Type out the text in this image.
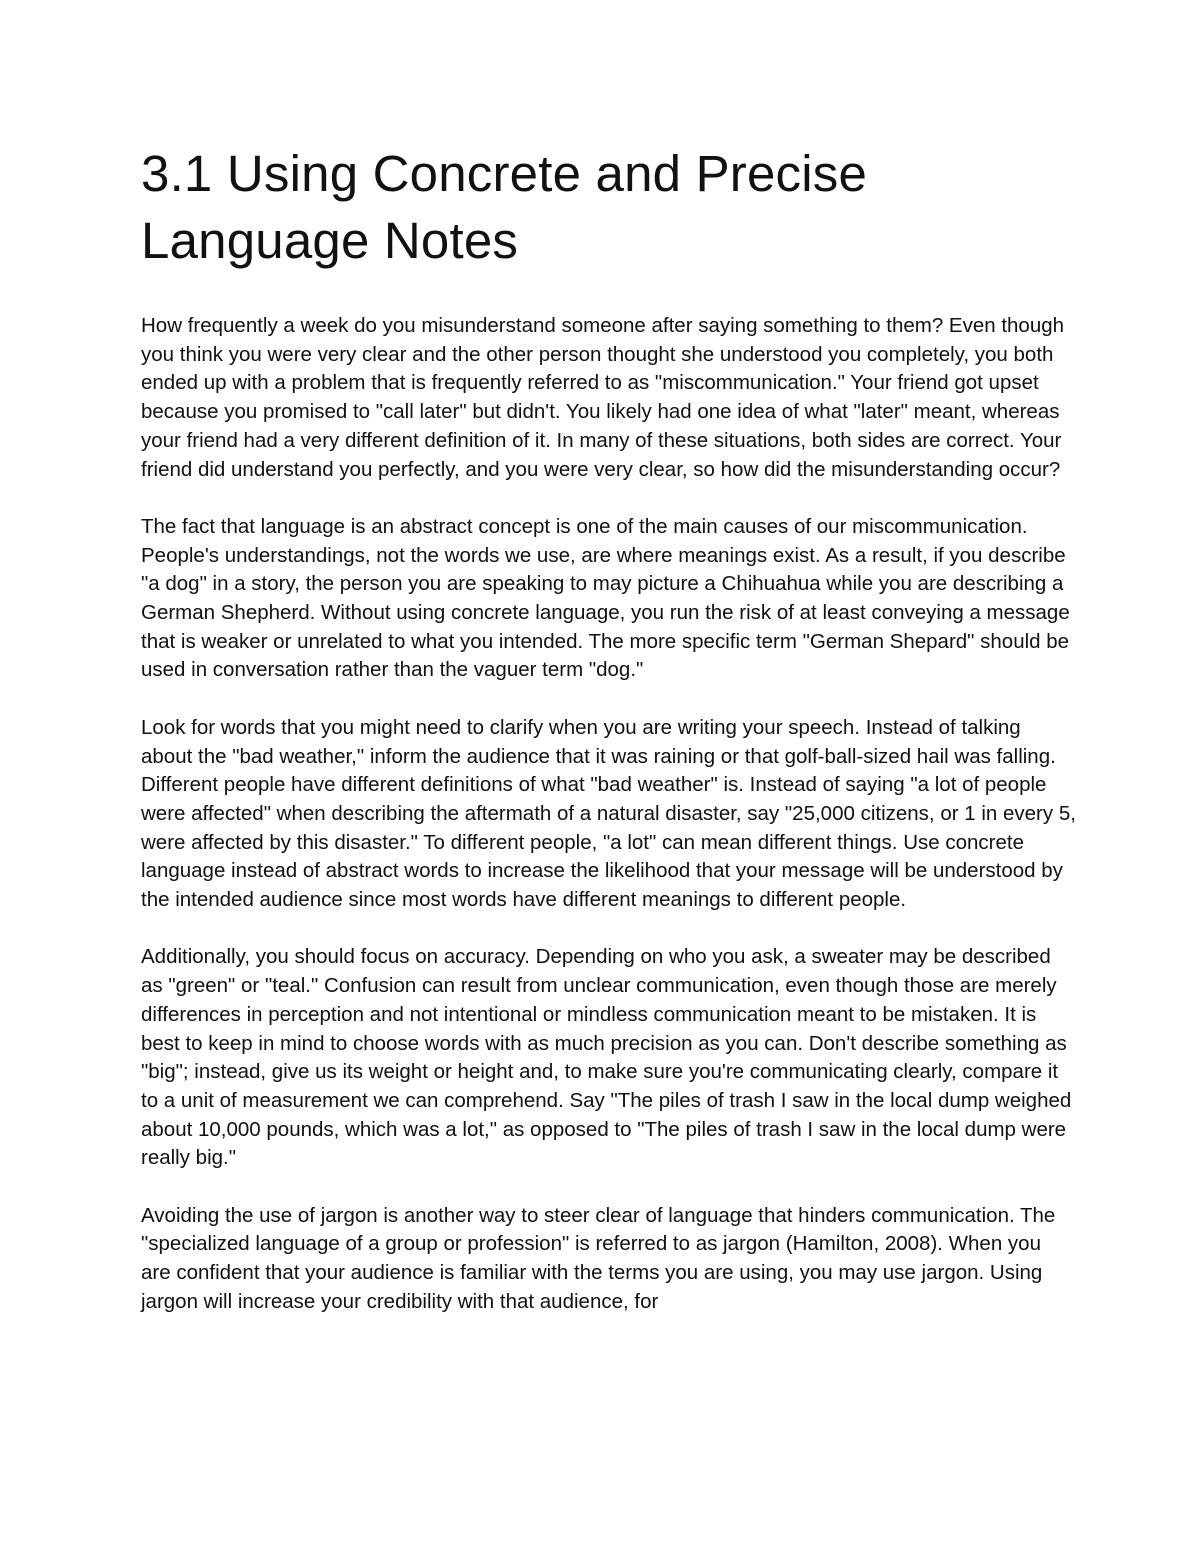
3.1 Using Concrete and Precise Language Notes

How frequently a week do you misunderstand someone after saying something to them? Even though you think you were very clear and the other person thought she understood you completely, you both ended up with a problem that is frequently referred to as "miscommunication." Your friend got upset because you promised to "call later" but didn't. You likely had one idea of what "later" meant, whereas your friend had a very different definition of it. In many of these situations, both sides are correct. Your friend did understand you perfectly, and you were very clear, so how did the misunderstanding occur?

The fact that language is an abstract concept is one of the main causes of our miscommunication. People's understandings, not the words we use, are where meanings exist. As a result, if you describe "a dog" in a story, the person you are speaking to may picture a Chihuahua while you are describing a German Shepherd. Without using concrete language, you run the risk of at least conveying a message that is weaker or unrelated to what you intended. The more specific term "German Shepard" should be used in conversation rather than the vaguer term "dog."

Look for words that you might need to clarify when you are writing your speech. Instead of talking about the "bad weather," inform the audience that it was raining or that golf-ball-sized hail was falling. Different people have different definitions of what "bad weather" is. Instead of saying "a lot of people were affected" when describing the aftermath of a natural disaster, say "25,000 citizens, or 1 in every 5, were affected by this disaster." To different people, "a lot" can mean different things. Use concrete language instead of abstract words to increase the likelihood that your message will be understood by the intended audience since most words have different meanings to different people.

Additionally, you should focus on accuracy. Depending on who you ask, a sweater may be described as "green" or "teal." Confusion can result from unclear communication, even though those are merely differences in perception and not intentional or mindless communication meant to be mistaken. It is best to keep in mind to choose words with as much precision as you can. Don't describe something as "big"; instead, give us its weight or height and, to make sure you're communicating clearly, compare it to a unit of measurement we can comprehend. Say "The piles of trash I saw in the local dump weighed about 10,000 pounds, which was a lot," as opposed to "The piles of trash I saw in the local dump were really big."

Avoiding the use of jargon is another way to steer clear of language that hinders communication. The "specialized language of a group or profession" is referred to as jargon (Hamilton, 2008). When you are confident that your audience is familiar with the terms you are using, you may use jargon. Using jargon will increase your credibility with that audience, for
